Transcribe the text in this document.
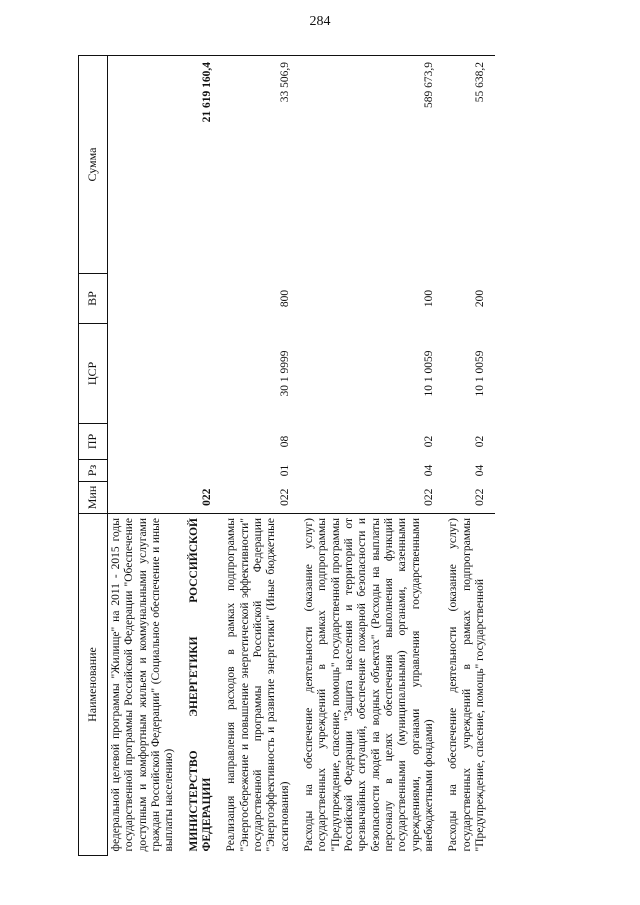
284
Наименование	Мин	Рз	ПР	ЦСР	ВР	Сумма
федеральной целевой программы "Жилище" на 2011 - 2015 годы государственной программы Российской Федерации "Обеспечение доступным и комфортным жильем и коммунальными услугами граждан Российской Федерации" (Социальное обеспечение и иные выплаты населению)						
МИНИСТЕРСТВО ЭНЕРГЕТИКИ РОССИЙСКОЙ ФЕДЕРАЦИИ	022					21 619 160,4
Реализация направления расходов в рамках подпрограммы "Энергосбережение и повышение энергетической эффективности" государственной программы Российской Федерации "Энергоэффективность и развитие энергетики" (Иные бюджетные ассигнования)	022	01	08	30 1 9999	800	33 506,9
Расходы на обеспечение деятельности (оказание услуг) государственных учреждений в рамках подпрограммы "Предупреждение, спасение, помощь" государственной программы Российской Федерации "Защита населения и территорий от чрезвычайных ситуаций, обеспечение пожарной безопасности и безопасности людей на водных объектах" (Расходы на выплаты персоналу в целях обеспечения выполнения функций государственными (муниципальными) органами, казенными учреждениями, органами управления государственными внебюджетными фондами)	022	04	02	10 1 0059	100	589 673,9
Расходы на обеспечение деятельности (оказание услуг) государственных учреждений в рамках подпрограммы "Предупреждение, спасение, помощь" государственной	022	04	02	10 1 0059	200	55 638,2
